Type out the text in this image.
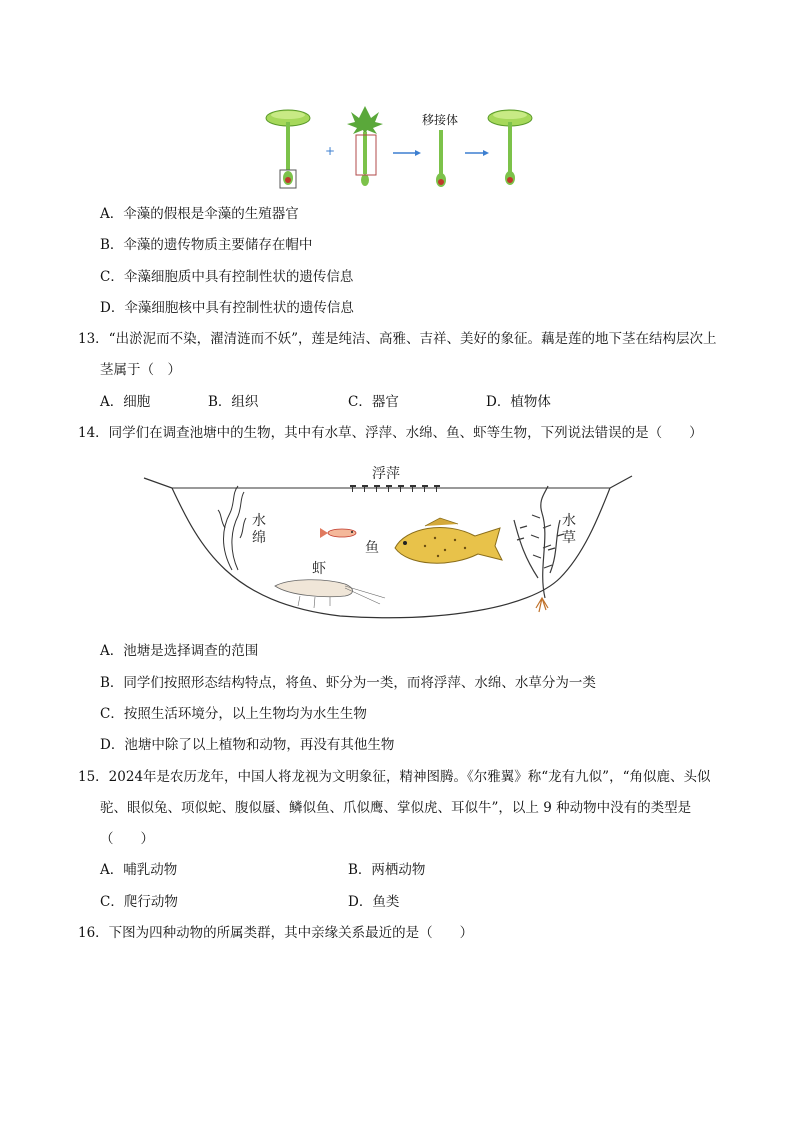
+
移接体
A．伞藻的假根是伞藻的生殖器官
B．伞藻的遗传物质主要储存在帽中
C．伞藻细胞质中具有控制性状的遗传信息
D．伞藻细胞核中具有控制性状的遗传信息
13．“出淤泥而不染，濯清涟而不妖”，莲是纯洁、高雅、吉祥、美好的象征。藕是莲的地下茎在结构层次上
茎属于（　）
A．细胞	B．组织	C．器官	D．植物体
14．同学们在调查池塘中的生物，其中有水草、浮萍、水绵、鱼、虾等生物，下列说法错误的是（　　）
浮萍
水
绵
鱼
虾
水
草
A．池塘是选择调查的范围
B．同学们按照形态结构特点，将鱼、虾分为一类，而将浮萍、水绵、水草分为一类
C．按照生活环境分，以上生物均为水生生物
D．池塘中除了以上植物和动物，再没有其他生物
15．2024年是农历龙年，中国人将龙视为文明象征，精神图腾。《尔雅翼》称“龙有九似”，“角似鹿、头似
驼、眼似兔、项似蛇、腹似蜃、鳞似鱼、爪似鹰、掌似虎、耳似牛”，以上 9 种动物中没有的类型是
（　　）
A．哺乳动物	B．两栖动物
C．爬行动物	D．鱼类
16．下图为四种动物的所属类群，其中亲缘关系最近的是（　　）
